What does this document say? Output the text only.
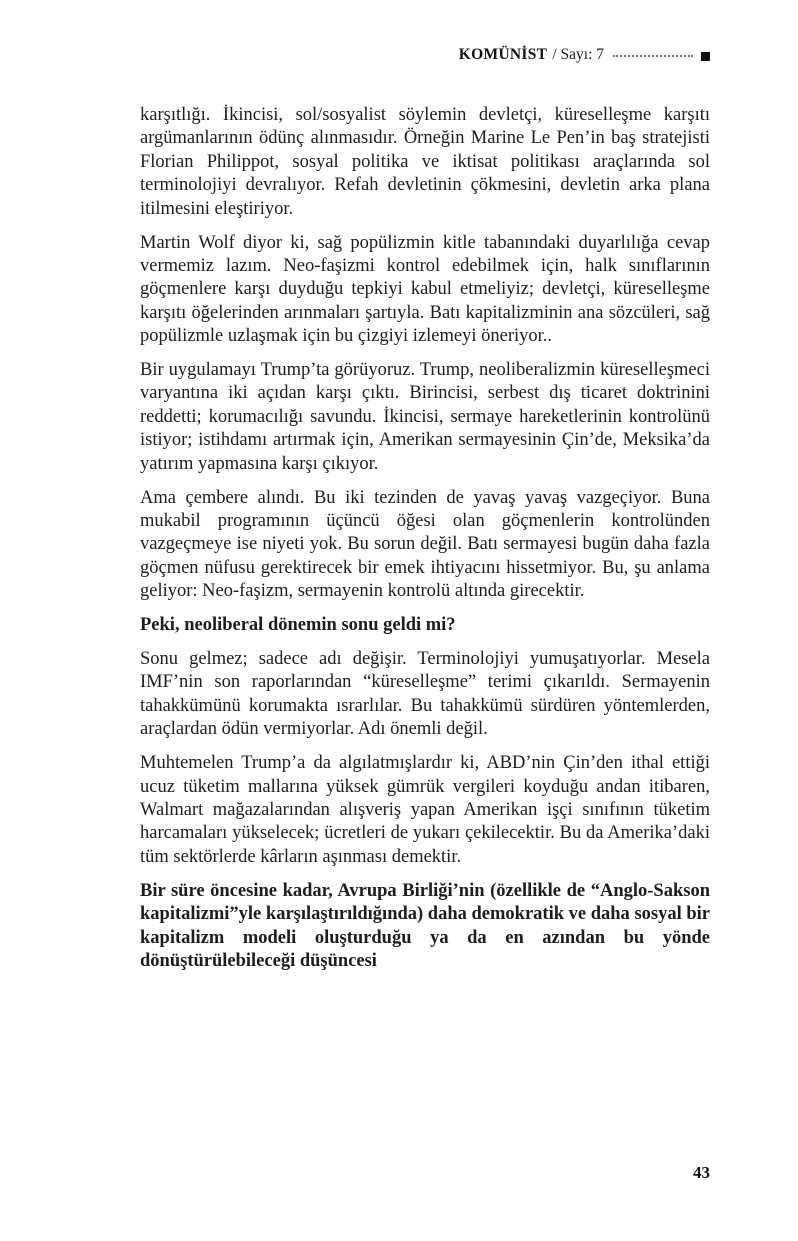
KOMÜNİST / Sayı: 7

karşıtlığı. İkincisi, sol/sosyalist söylemin devletçi, küreselleşme karşıtı argümanlarının ödünç alınmasıdır. Örneğin Marine Le Pen’in baş stratejisti Florian Philippot, sosyal politika ve iktisat politikası araçlarında sol terminolojiyi devralıyor. Refah devletinin çökmesini, devletin arka plana itilmesini eleştiriyor.

Martin Wolf diyor ki, sağ popülizmin kitle tabanındaki duyarlılığa cevap vermemiz lazım. Neo-faşizmi kontrol edebilmek için, halk sınıflarının göçmenlere karşı duyduğu tepkiyi kabul etmeliyiz; devletçi, küreselleşme karşıtı öğelerinden arınmaları şartıyla. Batı kapitalizminin ana sözcüleri, sağ popülizmle uzlaşmak için bu çizgiyi izlemeyi öneriyor..

Bir uygulamayı Trump’ta görüyoruz. Trump, neoliberalizmin küreselleşmeci varyantına iki açıdan karşı çıktı. Birincisi, serbest dış ticaret doktrinini reddetti; korumacılığı savundu. İkincisi, sermaye hareketlerinin kontrolünü istiyor; istihdamı artırmak için, Amerikan sermayesinin Çin’de, Meksika’da yatırım yapmasına karşı çıkıyor.

Ama çembere alındı. Bu iki tezinden de yavaş yavaş vazgeçiyor. Buna mukabil programının üçüncü öğesi olan göçmenlerin kontrolünden vazgeçmeye ise niyeti yok. Bu sorun değil. Batı sermayesi bugün daha fazla göçmen nüfusu gerektirecek bir emek ihtiyacını hissetmiyor. Bu, şu anlama geliyor: Neo-faşizm, sermayenin kontrolü altında girecektir.

Peki, neoliberal dönemin sonu geldi mi?

Sonu gelmez; sadece adı değişir. Terminolojiyi yumuşatıyorlar. Mesela IMF’nin son raporlarından “küreselleşme” terimi çıkarıldı. Sermayenin tahakkümünü korumakta ısrarlılar. Bu tahakkümü sürdüren yöntemlerden, araçlardan ödün vermiyorlar. Adı önemli değil.

Muhtemelen Trump’a da algılatmışlardır ki, ABD’nin Çin’den ithal ettiği ucuz tüketim mallarına yüksek gümrük vergileri koyduğu andan itibaren, Walmart mağazalarından alışveriş yapan Amerikan işçi sınıfının tüketim harcamaları yükselecek; ücretleri de yukarı çekilecektir. Bu da Amerika’daki tüm sektörlerde kârların aşınması demektir.

Bir süre öncesine kadar, Avrupa Birliği’nin (özellikle de “Anglo-Sakson kapitalizmi”yle karşılaştırıldığında) daha demokratik ve daha sosyal bir kapitalizm modeli oluşturduğu ya da en azından bu yönde dönüştürülebileceği düşüncesi

43
